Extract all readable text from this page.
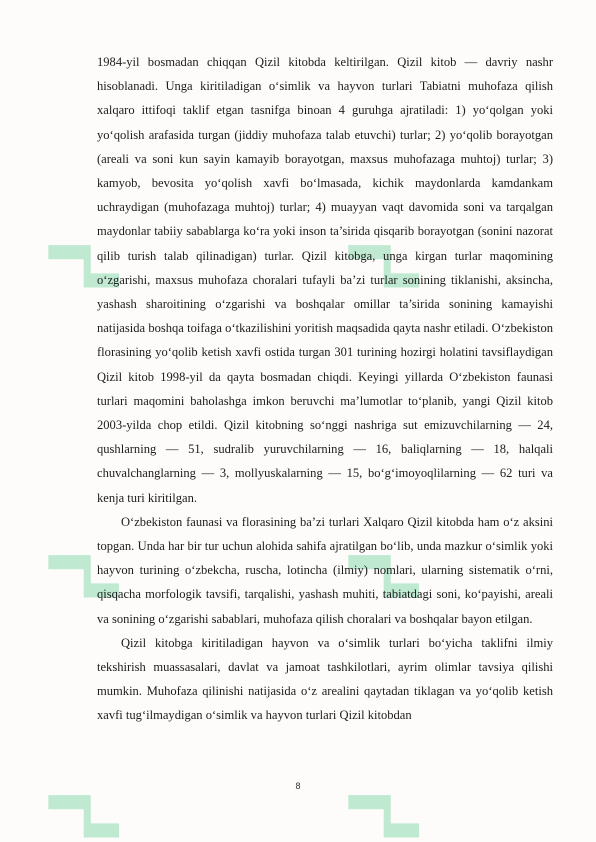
1984-yil bosmadan chiqqan Qizil kitobda keltirilgan. Qizil kitob — davriy nashr hisoblanadi. Unga kiritiladigan o‘simlik va hayvon turlari Tabiatni muhofaza qilish xalqaro ittifoqi taklif etgan tasnifga binoan 4 guruhga ajratiladi: 1) yo‘qolgan yoki yo‘qolish arafasida turgan (jiddiy muhofaza talab etuvchi) turlar; 2) yo‘qolib borayotgan (areali va soni kun sayin kamayib borayotgan, maxsus muhofazaga muhtoj) turlar; 3) kamyob, bevosita yo‘qolish xavfi bo‘lmasada, kichik maydonlarda kamdankam uchraydigan (muhofazaga muhtoj) turlar; 4) muayyan vaqt davomida soni va tarqalgan maydonlar tabiiy sabablarga ko‘ra yoki inson ta’sirida qisqarib borayotgan (sonini nazorat qilib turish talab qilinadigan) turlar. Qizil kitobga, unga kirgan turlar maqomining o‘zgarishi, maxsus muhofaza choralari tufayli ba’zi turlar sonining tiklanishi, aksincha, yashash sharoitining o‘zgarishi va boshqalar omillar ta’sirida sonining kamayishi natijasida boshqa toifaga o‘tkazilishini yoritish maqsadida qayta nashr etiladi. O‘zbekiston florasining yo‘qolib ketish xavfi ostida turgan 301 turining hozirgi holatini tavsiflaydigan Qizil kitob 1998-yil da qayta bosmadan chiqdi. Keyingi yillarda O‘zbekiston faunasi turlari maqomini baholashga imkon beruvchi ma’lumotlar to‘planib, yangi Qizil kitob 2003-yilda chop etildi. Qizil kitobning so‘nggi nashriga sut emizuvchilarning — 24, qushlarning — 51, sudralib yuruvchilarning — 16, baliqlarning — 18, halqali chuvalchanglarning — 3, mollyuskalarning — 15, bo‘g‘imoyoqlilarning — 62 turi va kenja turi kiritilgan.

O‘zbekiston faunasi va florasining ba’zi turlari Xalqaro Qizil kitobda ham o‘z aksini topgan. Unda har bir tur uchun alohida sahifa ajratilgan bo‘lib, unda mazkur o‘simlik yoki hayvon turining o‘zbekcha, ruscha, lotincha (ilmiy) nomlari, ularning sistematik o‘rni, qisqacha morfologik tavsifi, tarqalishi, yashash muhiti, tabiatdagi soni, ko‘payishi, areali va sonining o‘zgarishi sabablari, muhofaza qilish choralari va boshqalar bayon etilgan.

Qizil kitobga kiritiladigan hayvon va o‘simlik turlari bo‘yicha taklifni ilmiy tekshirish muassasalari, davlat va jamoat tashkilotlari, ayrim olimlar tavsiya qilishi mumkin. Muhofaza qilinishi natijasida o‘z arealini qaytadan tiklagan va yo‘qolib ketish xavfi tug‘ilmaydigan o‘simlik va hayvon turlari Qizil kitobdan

8
